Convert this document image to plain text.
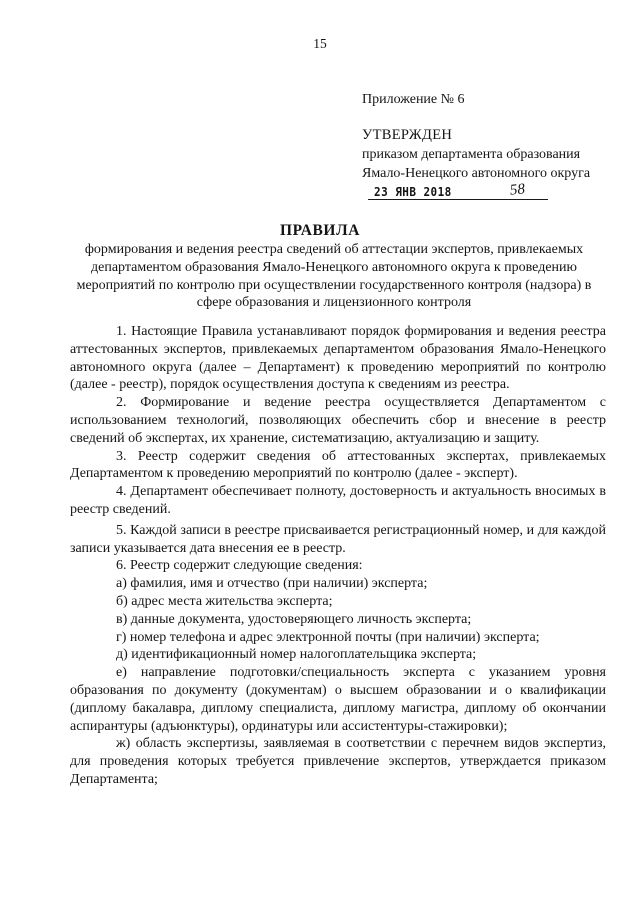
15
Приложение № 6
УТВЕРЖДЕН
приказом департамента образования
Ямало-Ненецкого автономного округа
23 ЯНВ 2018	58
ПРАВИЛА
формирования и ведения реестра сведений об аттестации экспертов, привлекаемых департаментом образования Ямало-Ненецкого автономного округа к проведению мероприятий по контролю при осуществлении государственного контроля (надзора) в сфере образования и лицензионного контроля

1. Настоящие Правила устанавливают порядок формирования и ведения реестра аттестованных экспертов, привлекаемых департаментом образования Ямало-Ненецкого автономного округа (далее – Департамент) к проведению мероприятий по контролю (далее - реестр), порядок осуществления доступа к сведениям из реестра.

2. Формирование и ведение реестра осуществляется Департаментом с использованием технологий, позволяющих обеспечить сбор и внесение в реестр сведений об экспертах, их хранение, систематизацию, актуализацию и защиту.

3. Реестр содержит сведения об аттестованных экспертах, привлекаемых Департаментом к проведению мероприятий по контролю (далее - эксперт).

4. Департамент обеспечивает полноту, достоверность и актуальность вносимых в реестр сведений.

5. Каждой записи в реестре присваивается регистрационный номер, и для каждой записи указывается дата внесения ее в реестр.

6. Реестр содержит следующие сведения:

а) фамилия, имя и отчество (при наличии) эксперта;

б) адрес места жительства эксперта;

в) данные документа, удостоверяющего личность эксперта;

г) номер телефона и адрес электронной почты (при наличии) эксперта;

д) идентификационный номер налогоплательщика эксперта;

е) направление подготовки/специальность эксперта с указанием уровня образования по документу (документам) о высшем образовании и о квалификации (диплому бакалавра, диплому специалиста, диплому магистра, диплому об окончании аспирантуры (адъюнктуры), ординатуры или ассистентуры-стажировки);

ж) область экспертизы, заявляемая в соответствии с перечнем видов экспертиз, для проведения которых требуется привлечение экспертов, утверждается приказом Департамента;
